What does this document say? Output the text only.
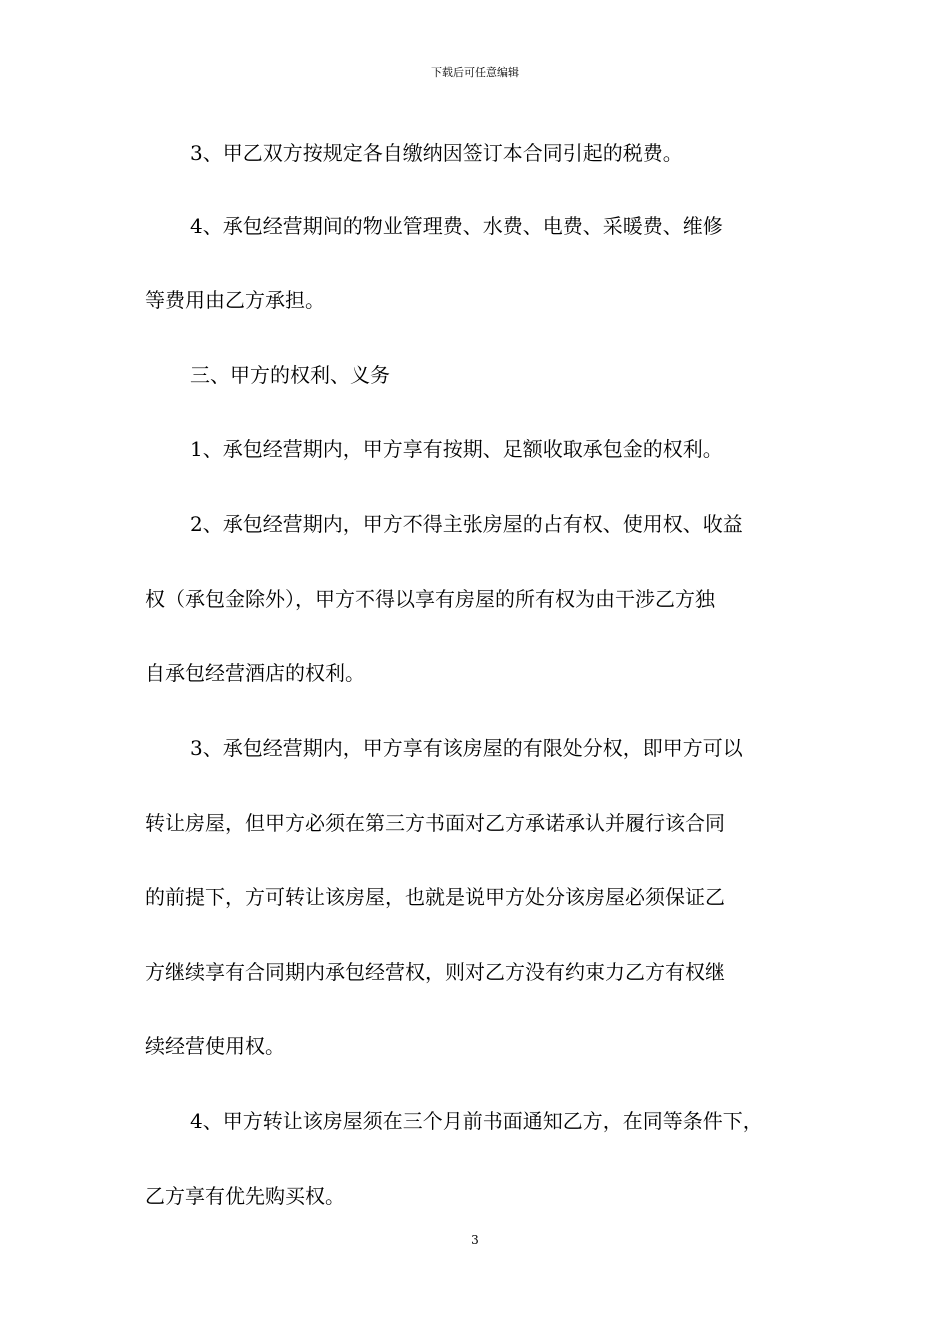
下载后可任意编辑
3、甲乙双方按规定各自缴纳因签订本合同引起的税费。
4、承包经营期间的物业管理费、水费、电费、采暖费、维修
等费用由乙方承担。
三、甲方的权利、义务
1、承包经营期内，甲方享有按期、足额收取承包金的权利。
2、承包经营期内，甲方不得主张房屋的占有权、使用权、收益
权（承包金除外），甲方不得以享有房屋的所有权为由干涉乙方独
自承包经营酒店的权利。
3、承包经营期内，甲方享有该房屋的有限处分权，即甲方可以
转让房屋，但甲方必须在第三方书面对乙方承诺承认并履行该合同
的前提下，方可转让该房屋，也就是说甲方处分该房屋必须保证乙
方继续享有合同期内承包经营权，则对乙方没有约束力乙方有权继
续经营使用权。
4、甲方转让该房屋须在三个月前书面通知乙方，在同等条件下，
乙方享有优先购买权。
3
